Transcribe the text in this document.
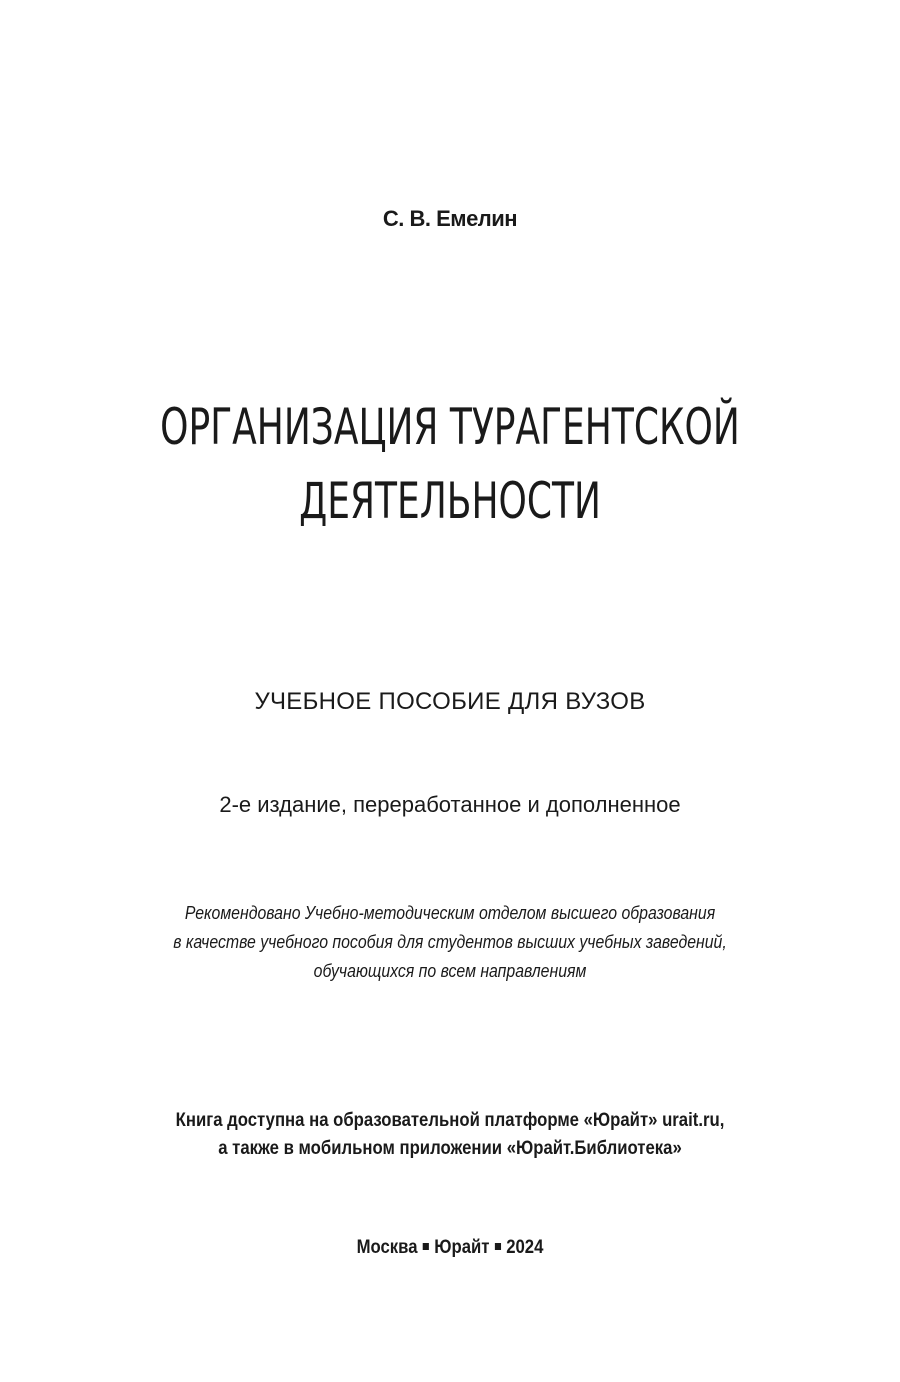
С. В. Емелин
ОРГАНИЗАЦИЯ ТУРАГЕНТСКОЙ
ДЕЯТЕЛЬНОСТИ
УЧЕБНОЕ ПОСОБИЕ ДЛЯ ВУЗОВ
2-е издание, переработанное и дополненное
Рекомендовано Учебно-методическим отделом высшего образования
в качестве учебного пособия для студентов высших учебных заведений,
обучающихся по всем направлениям
Книга доступна на образовательной платформе «Юрайт» urait.ru,
а также в мобильном приложении «Юрайт.Библиотека»
Москва Юрайт 2024
